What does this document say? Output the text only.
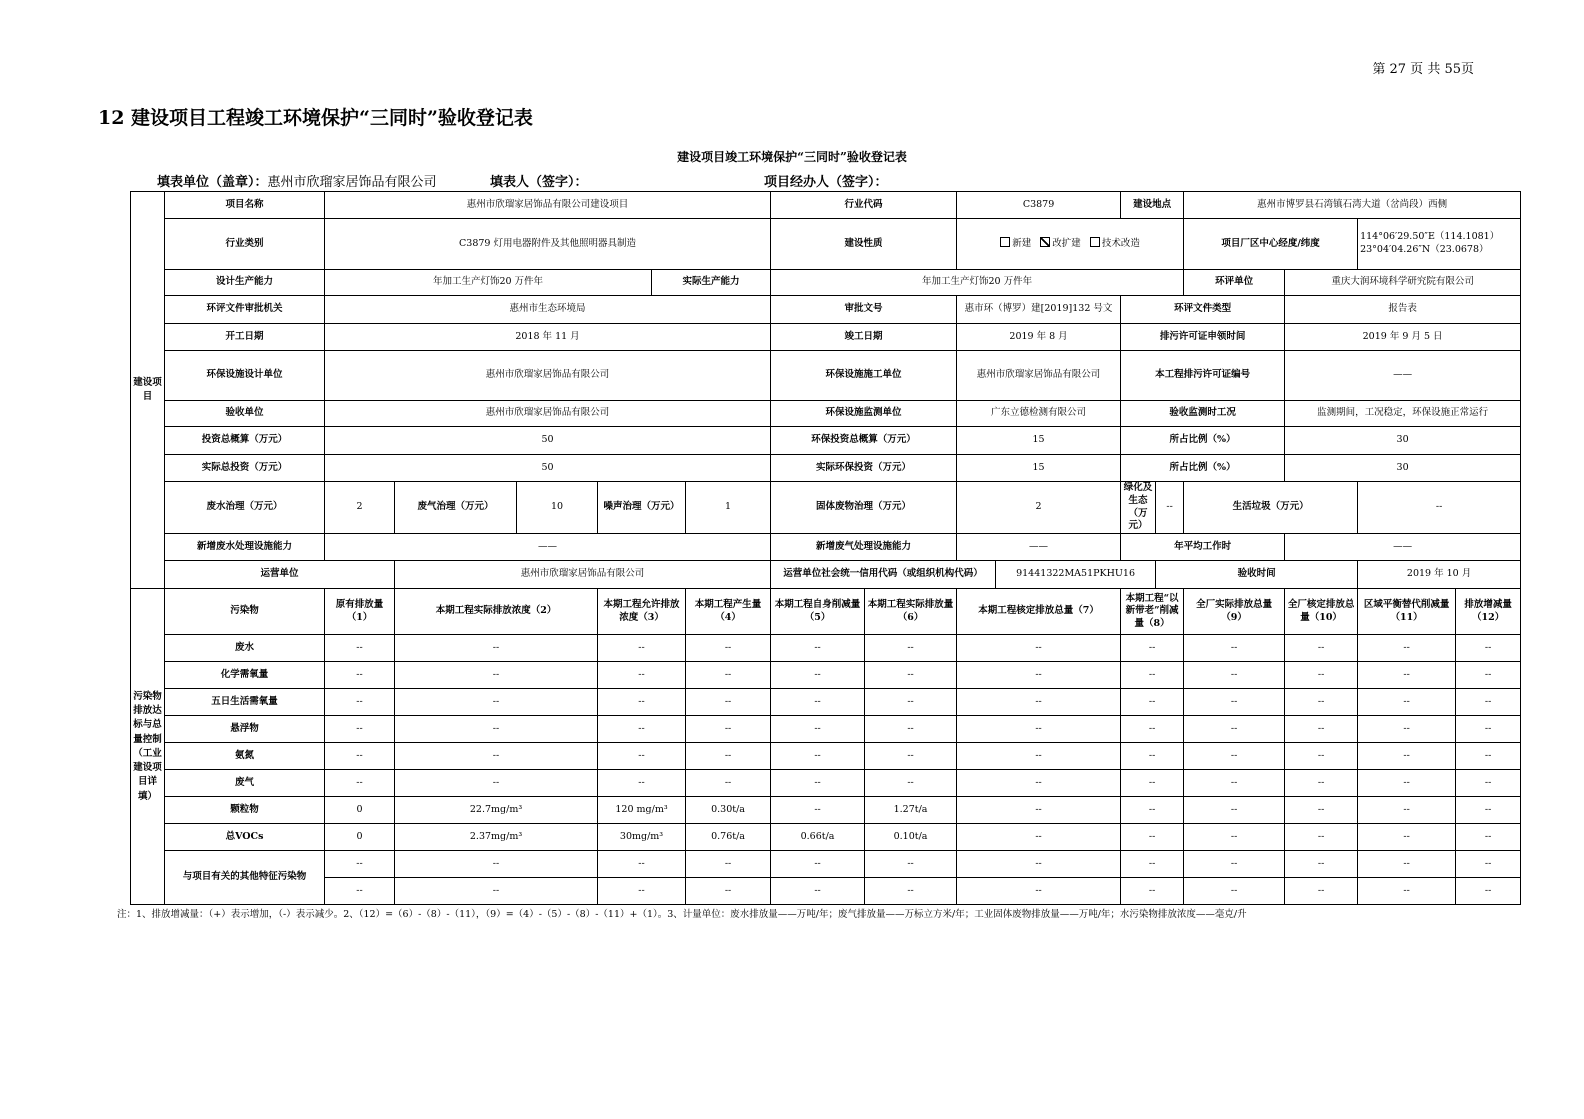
第 27 页 共 55页
12 建设项目工程竣工环境保护“三同时”验收登记表
建设项目竣工环境保护“三同时”验收登记表
填表单位（盖章）：惠州市欣瑠家居饰品有限公司	填表人（签字）：	项目经办人（签字）：
建设项目	项目名称	惠州市欣瑠家居饰品有限公司建设项目						行业代码		C3879		建设地点		惠州市博罗县石湾镇石湾大道（岔尚段）西侧			
	行业类别	C3879 灯用电器附件及其他照明器具制造						建设性质		新建 改扩建 技术改造				项目厂区中心经度/纬度		114°06′29.50″E（114.1081）23°04′04.26″N（23.0678）	
	设计生产能力	年加工生产灯饰20 万件年				实际生产能力		年加工生产灯饰20 万件年						环评单位	重庆大润环境科学研究院有限公司		
	环评文件审批机关	惠州市生态环境局						审批文号		惠市环（博罗）建[2019]132 号文		环评文件类型			报告表		
	开工日期	2018 年 11 月						竣工日期		2019 年 8 月		排污许可证申领时间			2019 年 9 月 5 日		
	环保设施设计单位	惠州市欣瑠家居饰品有限公司						环保设施施工单位		惠州市欣瑠家居饰品有限公司		本工程排污许可证编号			——		
	验收单位	惠州市欣瑠家居饰品有限公司						环保设施监测单位		广东立德检测有限公司		验收监测时工况			监测期间，工况稳定，环保设施正常运行		
	投资总概算（万元）	50						环保投资总概算（万元）		15		所占比例（%）			30		
	实际总投资（万元）	50						实际环保投资（万元）		15		所占比例（%）			30		
	废水治理（万元）	2	废气治理（万元）	10	噪声治理（万元）		1	固体废物治理（万元）		2		绿化及生态（万元）	--	生活垃圾（万元）		--	
	新增废水处理设施能力	——						新增废气处理设施能力		——		年平均工作时			——		
	运营单位		惠州市欣瑠家居饰品有限公司					运营单位社会统一信用代码（或组织机构代码）			91441322MA51PKHU16		验收时间			2019 年 10 月	
污染物排放达标与总量控制（工业建设项目详填）	污染物	原有排放量（1）	本期工程实际排放浓度（2）		本期工程允许排放浓度（3）		本期工程产生量（4）	本期工程自身削减量（5）	本期工程实际排放量（6）	本期工程核定排放总量（7）		本期工程“以新带老”削减量（8）		全厂实际排放总量（9）	全厂核定排放总量（10）	区域平衡替代削减量（11）	排放增减量（12）
	废水	--	--		--		--	--	--	--		--		--	--	--	--
	化学需氧量	--	--		--		--	--	--	--		--		--	--	--	--
	五日生活需氧量	--	--		--		--	--	--	--		--		--	--	--	--
	悬浮物	--	--		--		--	--	--	--		--		--	--	--	--
	氨氮	--	--		--		--	--	--	--		--		--	--	--	--
	废气	--	--		--		--	--	--	--		--		--	--	--	--
	颗粒物	0	22.7mg/m³		120 mg/m³		0.30t/a	--	1.27t/a	--		--		--	--	--	--
	总VOCs	0	2.37mg/m³		30mg/m³		0.76t/a	0.66t/a	0.10t/a	--		--		--	--	--	--
	与项目有关的其他特征污染物	--	--		--		--	--	--	--		--		--	--	--	--
		--	--		--		--	--	--	--		--		--	--	--	--
注：1、排放增减量：（+）表示增加，（-）表示减少。2、（12）=（6）-（8）-（11），（9）=（4）-（5）-（8）-（11）+（1）。3、计量单位：废水排放量——万吨/年；废气排放量——万标立方米/年；工业固体废物排放量——万吨/年；水污染物排放浓度——毫克/升
